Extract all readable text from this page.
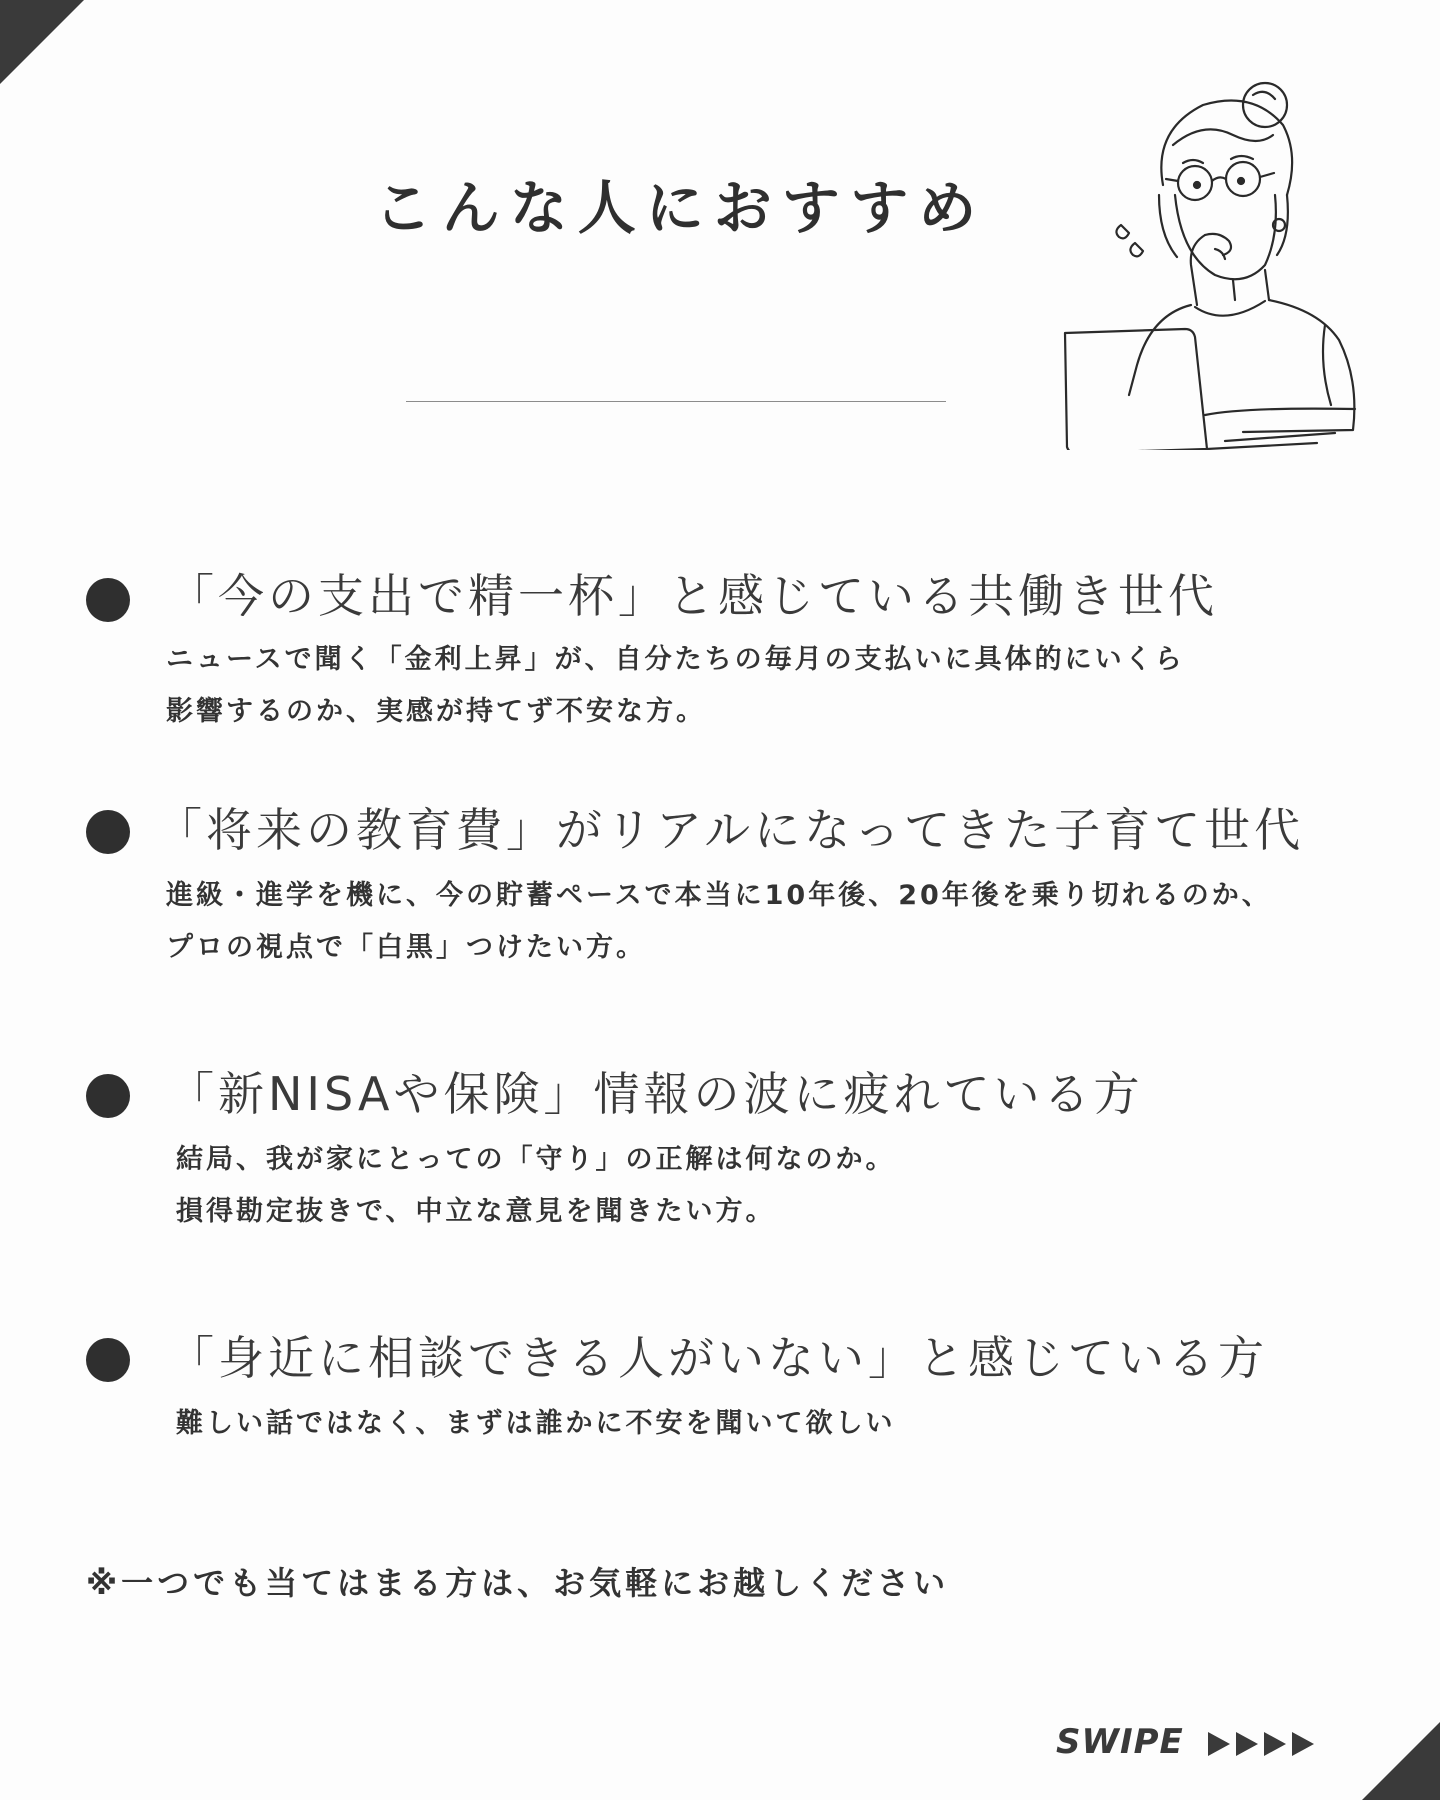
こんな人におすすめ
「今の支出で精一杯」と感じている共働き世代

ニュースで聞く「金利上昇」が、自分たちの毎月の支払いに具体的にいくら

影響するのか、実感が持てず不安な方。

「将来の教育費」がリアルになってきた子育て世代

進級・進学を機に、今の貯蓄ペースで本当に10年後、20年後を乗り切れるのか、

プロの視点で「白黒」つけたい方。

「新NISAや保険」情報の波に疲れている方

結局、我が家にとっての「守り」の正解は何なのか。

損得勘定抜きで、中立な意見を聞きたい方。

「身近に相談できる人がいない」と感じている方

難しい話ではなく、まずは誰かに不安を聞いて欲しい

※一つでも当てはまる方は、お気軽にお越しください

SWIPE
